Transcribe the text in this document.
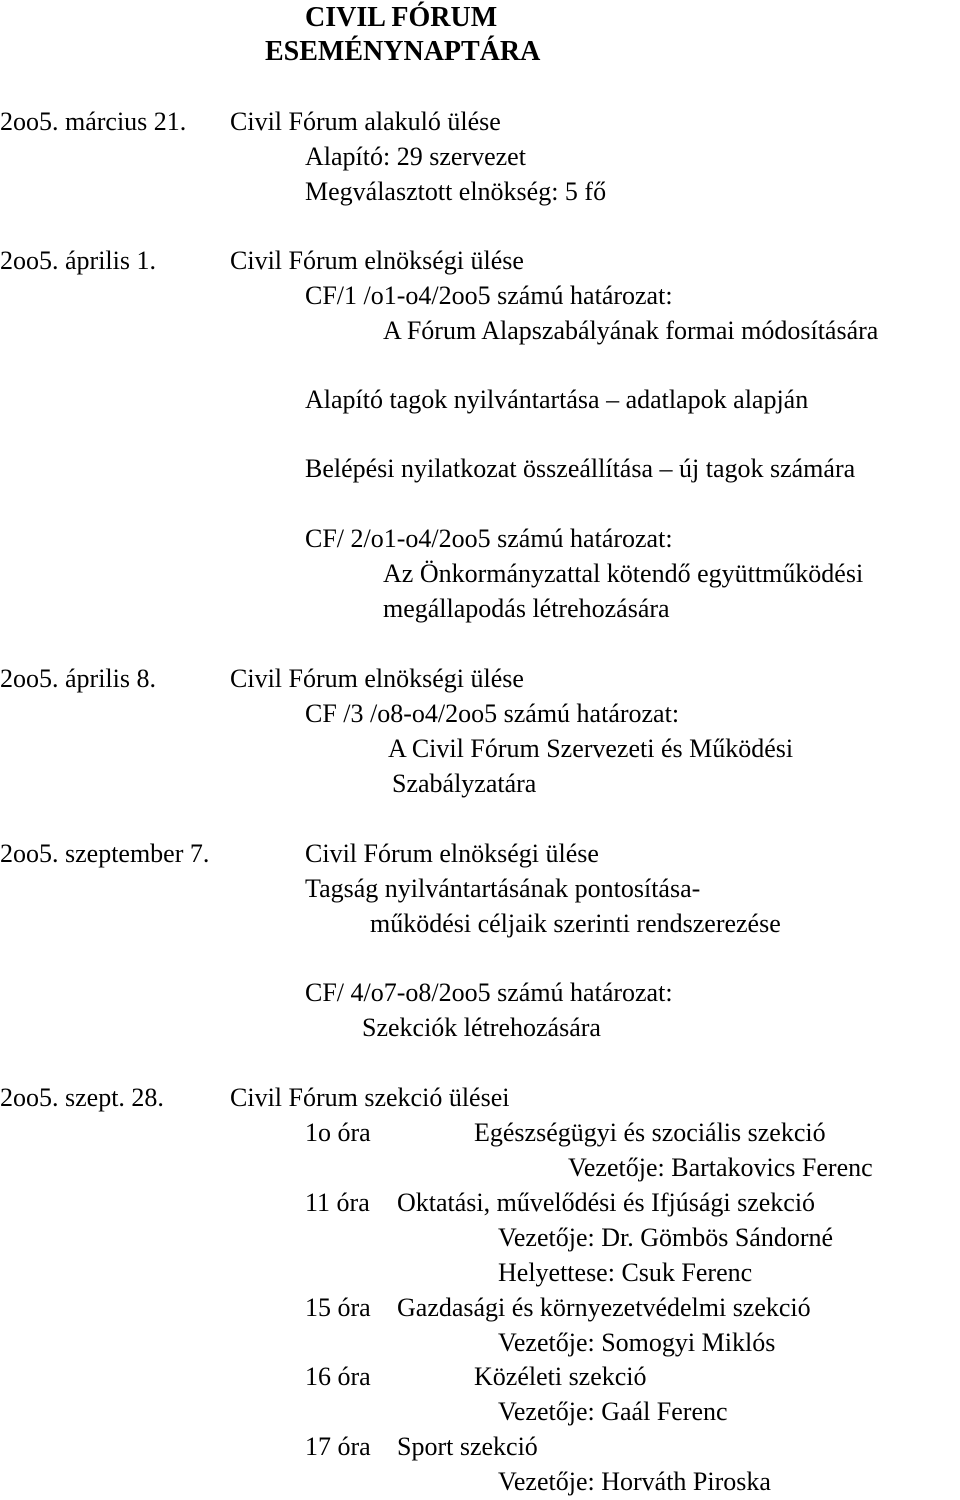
CIVIL FÓRUM
ESEMÉNYNAPTÁRA
2oo5. március 21. Civil Fórum alakuló ülése
Alapító: 29 szervezet
Megválasztott elnökség: 5 fő
2oo5. április 1.	Civil Fórum elnökségi ülése
CF/1 /o1-o4/2oo5 számú határozat:
A Fórum Alapszabályának formai módosítására
Alapító tagok nyilvántartása – adatlapok alapján
Belépési nyilatkozat összeállítása – új tagok számára
CF/ 2/o1-o4/2oo5 számú határozat:
Az Önkormányzattal kötendő együttműködési
megállapodás létrehozására
2oo5. április 8.	Civil Fórum elnökségi ülése
CF /3 /o8-o4/2oo5 számú határozat:
A Civil Fórum Szervezeti és Működési
Szabályzatára
2oo5. szeptember 7.	Civil Fórum elnökségi ülése
Tagság nyilvántartásának pontosítása-
működési céljaik szerinti rendszerezése
CF/ 4/o7-o8/2oo5 számú határozat:
Szekciók létrehozására
2oo5. szept. 28.	Civil Fórum szekció ülései
1o óra	Egészségügyi és szociális szekció
Vezetője: Bartakovics Ferenc
11 óra Oktatási, művelődési és Ifjúsági szekció
Vezetője: Dr. Gömbös Sándorné
Helyettese: Csuk Ferenc
15 óra Gazdasági és környezetvédelmi szekció
Vezetője: Somogyi Miklós
16 óra	Közéleti szekció
Vezetője: Gaál Ferenc
17 óra Sport szekció
Vezetője: Horváth Piroska
